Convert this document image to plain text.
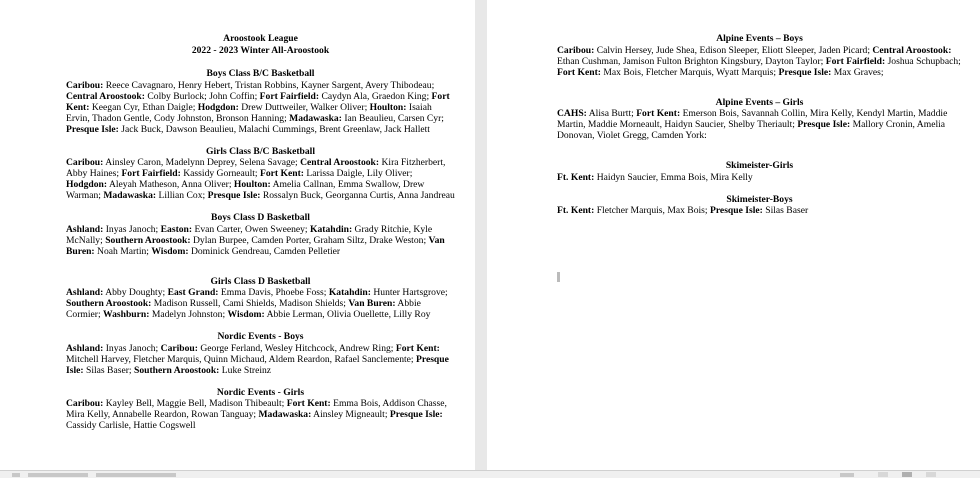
Aroostook League
2022 - 2023 Winter All-Aroostook
Boys Class B/C Basketball
Caribou: Reece Cavagnaro, Henry Hebert, Tristan Robbins, Kayner Sargent, Avery Thibodeau; Central Aroostook: Colby Burlock; John Coffin; Fort Fairfield: Caydyn Ala, Graedon King; Fort Kent: Keegan Cyr, Ethan Daigle; Hodgdon: Drew Duttweiler, Walker Oliver; Houlton: Isaiah Ervin, Thadon Gentle, Cody Johnston, Bronson Hanning; Madawaska: Ian Beaulieu, Carsen Cyr; Presque Isle: Jack Buck, Dawson Beaulieu, Malachi Cummings, Brent Greenlaw, Jack Hallett
Girls Class B/C Basketball
Caribou: Ainsley Caron, Madelynn Deprey, Selena Savage; Central Aroostook: Kira Fitzherbert, Abby Haines; Fort Fairfield: Kassidy Gorneault; Fort Kent: Larissa Daigle, Lily Oliver; Hodgdon: Aleyah Matheson, Anna Oliver; Houlton: Amelia Callnan, Emma Swallow, Drew Warman; Madawaska: Lillian Cox; Presque Isle: Rossalyn Buck, Georganna Curtis, Anna Jandreau
Boys Class D Basketball
Ashland: Inyas Janoch; Easton: Evan Carter, Owen Sweeney; Katahdin: Grady Ritchie, Kyle McNally; Southern Aroostook: Dylan Burpee, Camden Porter, Graham Siltz, Drake Weston; Van Buren: Noah Martin; Wisdom: Dominick Gendreau, Camden Pelletier
Girls Class D Basketball
Ashland: Abby Doughty; East Grand: Emma Davis, Phoebe Foss; Katahdin: Hunter Hartsgrove; Southern Aroostook: Madison Russell, Cami Shields, Madison Shields; Van Buren: Abbie Cormier; Washburn: Madelyn Johnston; Wisdom: Abbie Lerman, Olivia Ouellette, Lilly Roy
Nordic Events - Boys
Ashland: Inyas Janoch; Caribou: George Ferland, Wesley Hitchcock, Andrew Ring; Fort Kent: Mitchell Harvey, Fletcher Marquis, Quinn Michaud, Aldem Reardon, Rafael Sanclemente; Presque Isle: Silas Baser; Southern Aroostook: Luke Streinz
Nordic Events - Girls
Caribou: Kayley Bell, Maggie Bell, Madison Thibeault; Fort Kent: Emma Bois, Addison Chasse, Mira Kelly, Annabelle Reardon, Rowan Tanguay; Madawaska: Ainsley Migneault; Presque Isle: Cassidy Carlisle, Hattie Cogswell
Alpine Events – Boys
Caribou: Calvin Hersey, Jude Shea, Edison Sleeper, Eliott Sleeper, Jaden Picard; Central Aroostook: Ethan Cushman, Jamison Fulton Brighton Kingsbury, Dayton Taylor; Fort Fairfield: Joshua Schupbach; Fort Kent: Max Bois, Fletcher Marquis, Wyatt Marquis; Presque Isle: Max Graves;
Alpine Events – Girls
CAHS: Alisa Burtt; Fort Kent: Emerson Bois, Savannah Collin, Mira Kelly, Kendyl Martin, Maddie Martin, Maddie Morneault, Haidyn Saucier, Shelby Theriault; Presque Isle: Mallory Cronin, Amelia Donovan, Violet Gregg, Camden York:
Skimeister-Girls
Ft. Kent: Haidyn Saucier, Emma Bois, Mira Kelly
Skimeister-Boys
Ft. Kent: Fletcher Marquis, Max Bois; Presque Isle: Silas Baser
